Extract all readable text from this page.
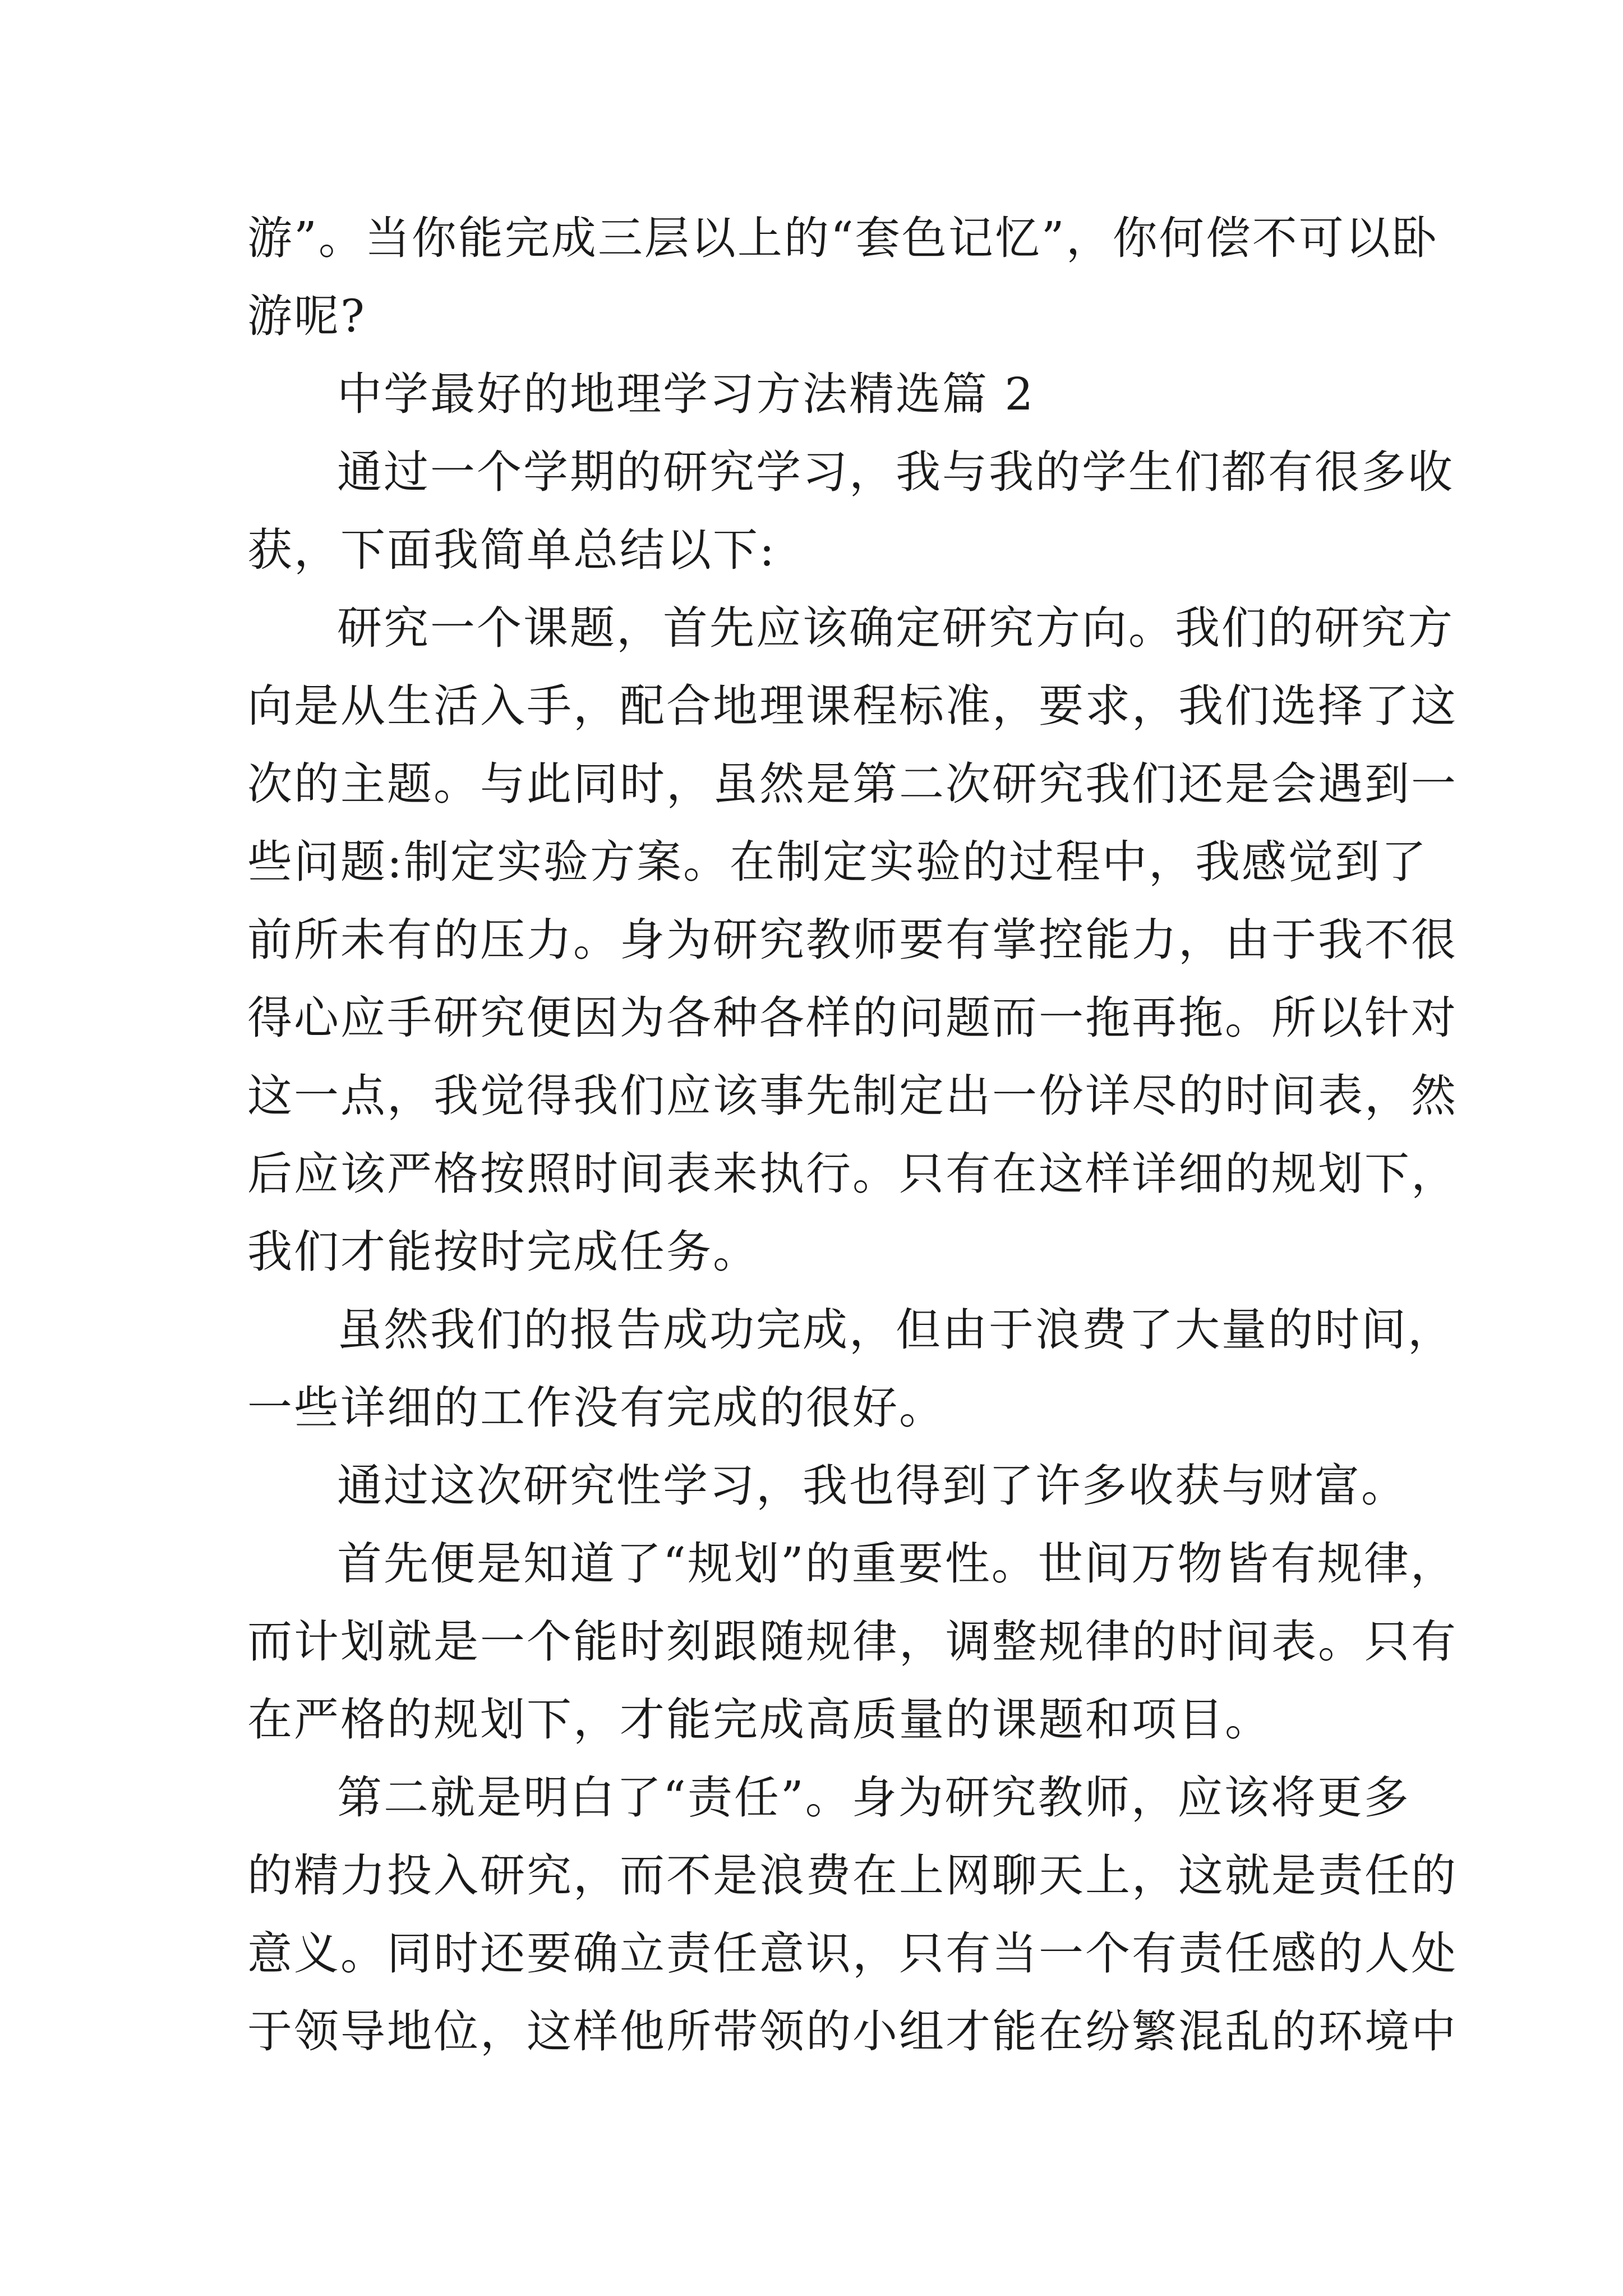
游”。当你能完成三层以上的“套色记忆”，你何偿不可以卧
游呢?
中学最好的地理学习方法精选篇 2
通过一个学期的研究学习，我与我的学生们都有很多收
获，下面我简单总结以下:
研究一个课题，首先应该确定研究方向。我们的研究方
向是从生活入手，配合地理课程标准，要求，我们选择了这
次的主题。与此同时，虽然是第二次研究我们还是会遇到一
些问题:制定实验方案。在制定实验的过程中，我感觉到了
前所未有的压力。身为研究教师要有掌控能力，由于我不很
得心应手研究便因为各种各样的问题而一拖再拖。所以针对
这一点，我觉得我们应该事先制定出一份详尽的时间表，然
后应该严格按照时间表来执行。只有在这样详细的规划下，
我们才能按时完成任务。
虽然我们的报告成功完成，但由于浪费了大量的时间，
一些详细的工作没有完成的很好。
通过这次研究性学习，我也得到了许多收获与财富。
首先便是知道了“规划”的重要性。世间万物皆有规律，
而计划就是一个能时刻跟随规律，调整规律的时间表。只有
在严格的规划下，才能完成高质量的课题和项目。
第二就是明白了“责任”。身为研究教师，应该将更多
的精力投入研究，而不是浪费在上网聊天上，这就是责任的
意义。同时还要确立责任意识，只有当一个有责任感的人处
于领导地位，这样他所带领的小组才能在纷繁混乱的环境中
